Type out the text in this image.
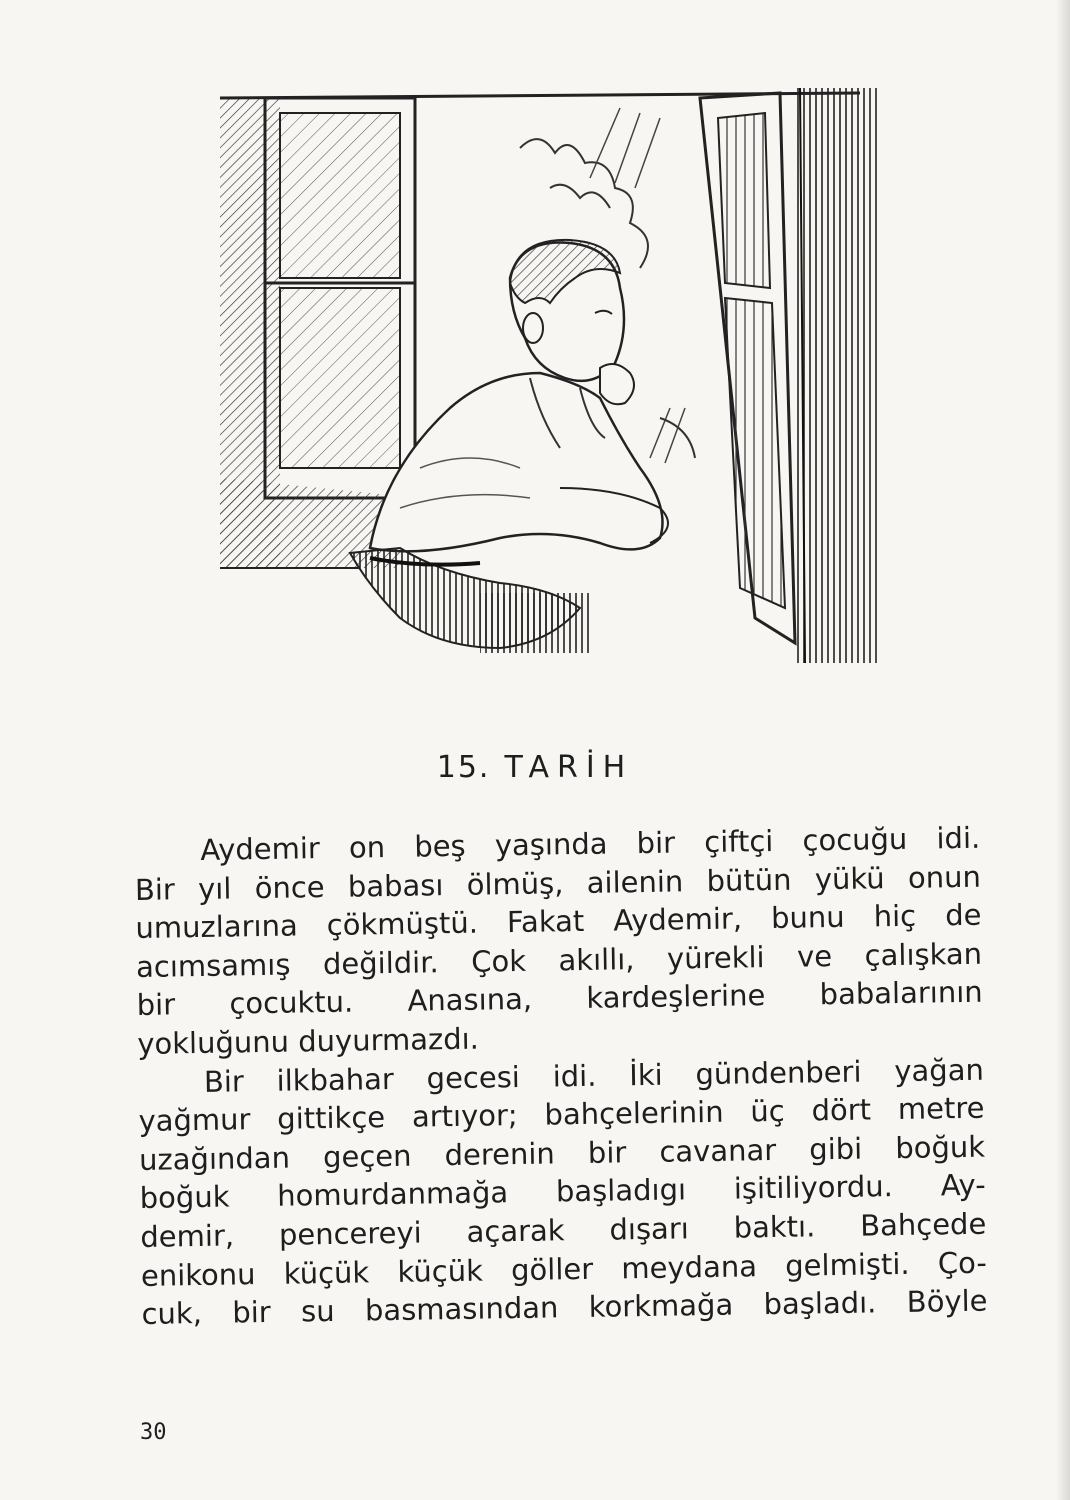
15. TARİH
Aydemir on beş yaşında bir çiftçi çocuğu idi.
Bir yıl önce babası ölmüş, ailenin bütün yükü onun
umuzlarına çökmüştü. Fakat Aydemir, bunu hiç de
acımsamış değildir. Çok akıllı, yürekli ve çalışkan
bir çocuktu. Anasına, kardeşlerine babalarının
yokluğunu duyurmazdı.
Bir ilkbahar gecesi idi. İki gündenberi yağan
yağmur gittikçe artıyor; bahçelerinin üç dört metre
uzağından geçen derenin bir cavanar gibi boğuk
boğuk homurdanmağa başladıgı işitiliyordu. Ay-
demir, pencereyi açarak dışarı baktı. Bahçede
enikonu küçük küçük göller meydana gelmişti. Ço-
cuk, bir su basmasından korkmağa başladı. Böyle
30
